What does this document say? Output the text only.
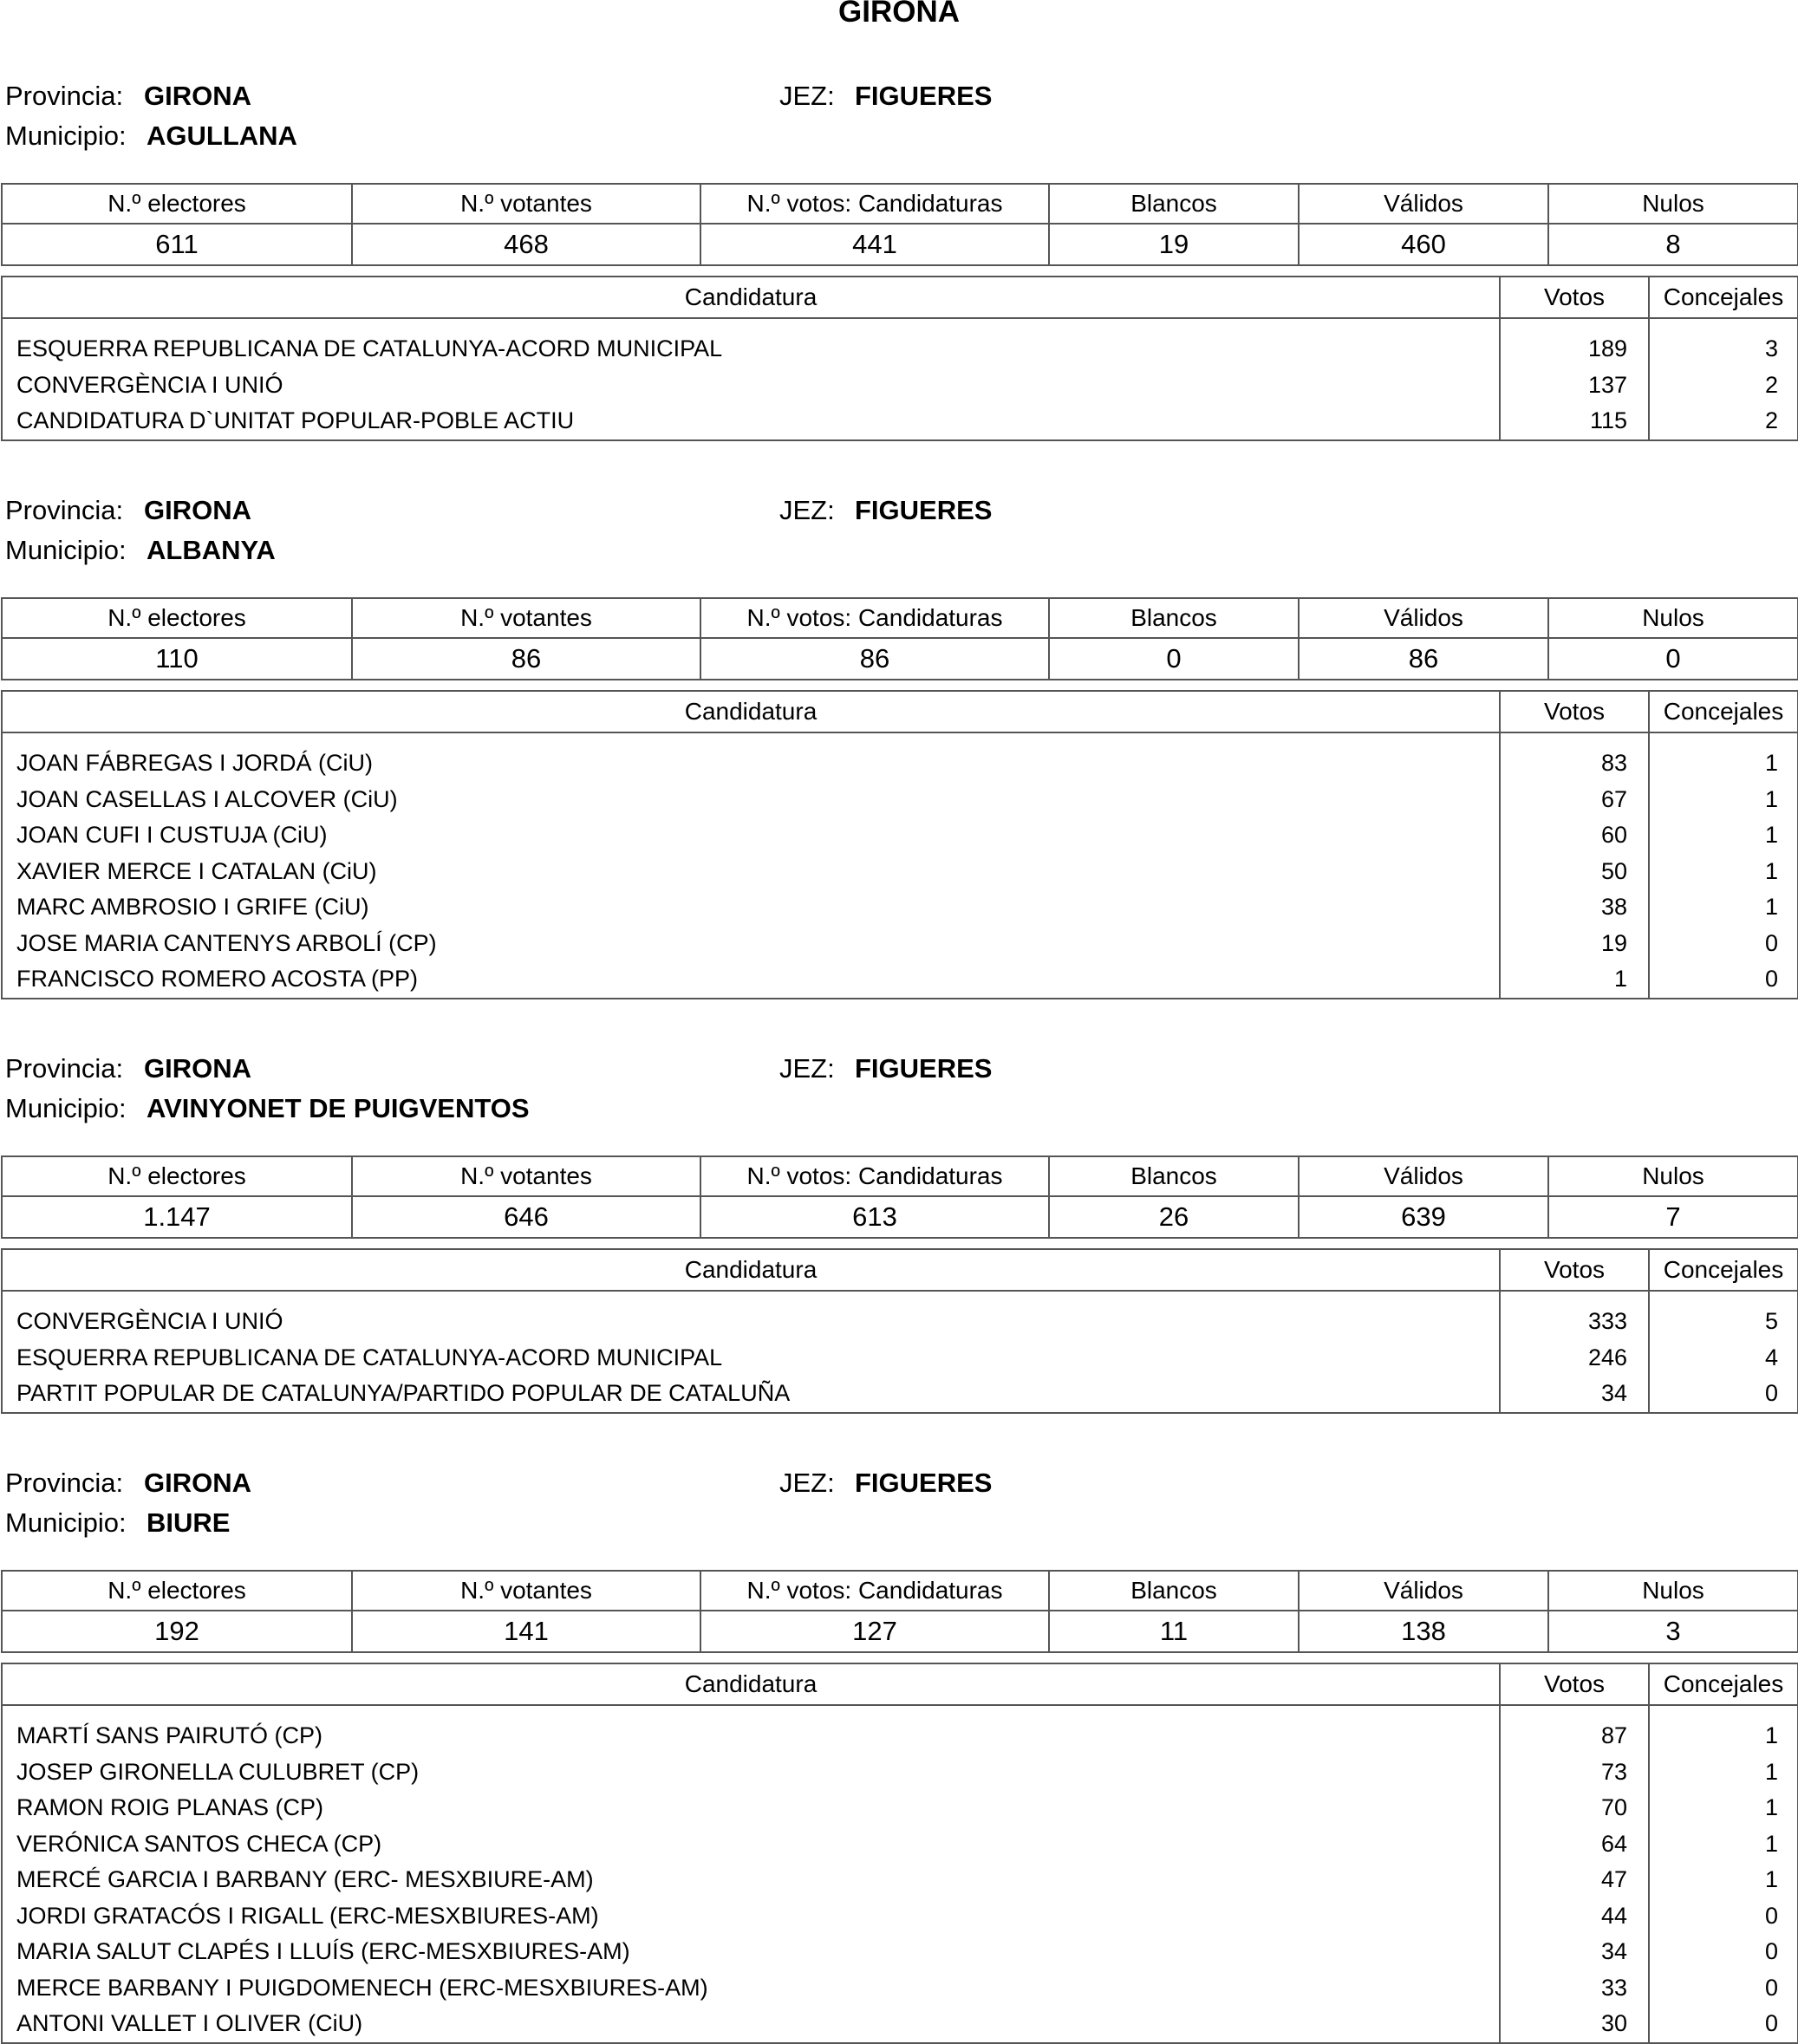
GIRONA
Provincia: GIRONA	JEZ: FIGUERES
Municipio: AGULLANA
N.º electores	N.º votantes	N.º votos: Candidaturas	Blancos	Válidos	Nulos
611	468	441	19	460	8
Candidatura	Votos	Concejales

ESQUERRA REPUBLICANA DE CATALUNYA-ACORD MUNICIPAL	189	3
CONVERGÈNCIA I UNIÓ	137	2
CANDIDATURA D`UNITAT POPULAR-POBLE ACTIU	115	2
Provincia: GIRONA	JEZ: FIGUERES
Municipio: ALBANYA
N.º electores	N.º votantes	N.º votos: Candidaturas	Blancos	Válidos	Nulos
110	86	86	0	86	0
Candidatura	Votos	Concejales

JOAN FÁBREGAS I JORDÁ (CiU)	83	1
JOAN CASELLAS I ALCOVER (CiU)	67	1
JOAN CUFI I CUSTUJA (CiU)	60	1
XAVIER MERCE I CATALAN (CiU)	50	1
MARC AMBROSIO I GRIFE (CiU)	38	1
JOSE MARIA CANTENYS ARBOLÍ (CP)	19	0
FRANCISCO ROMERO ACOSTA (PP)	1	0
Provincia: GIRONA	JEZ: FIGUERES
Municipio: AVINYONET DE PUIGVENTOS
N.º electores	N.º votantes	N.º votos: Candidaturas	Blancos	Válidos	Nulos
1.147	646	613	26	639	7
Candidatura	Votos	Concejales

CONVERGÈNCIA I UNIÓ	333	5
ESQUERRA REPUBLICANA DE CATALUNYA-ACORD MUNICIPAL	246	4
PARTIT POPULAR DE CATALUNYA/PARTIDO POPULAR DE CATALUÑA	34	0
Provincia: GIRONA	JEZ: FIGUERES
Municipio: BIURE
N.º electores	N.º votantes	N.º votos: Candidaturas	Blancos	Válidos	Nulos
192	141	127	11	138	3
Candidatura	Votos	Concejales

MARTÍ SANS PAIRUTÓ (CP)	87	1
JOSEP GIRONELLA CULUBRET (CP)	73	1
RAMON ROIG PLANAS (CP)	70	1
VERÓNICA SANTOS CHECA (CP)	64	1
MERCÉ GARCIA I BARBANY (ERC- MESXBIURE-AM)	47	1
JORDI GRATACÓS I RIGALL (ERC-MESXBIURES-AM)	44	0
MARIA SALUT CLAPÉS I LLUÍS (ERC-MESXBIURES-AM)	34	0
MERCE BARBANY I PUIGDOMENECH (ERC-MESXBIURES-AM)	33	0
ANTONI VALLET I OLIVER (CiU)	30	0
